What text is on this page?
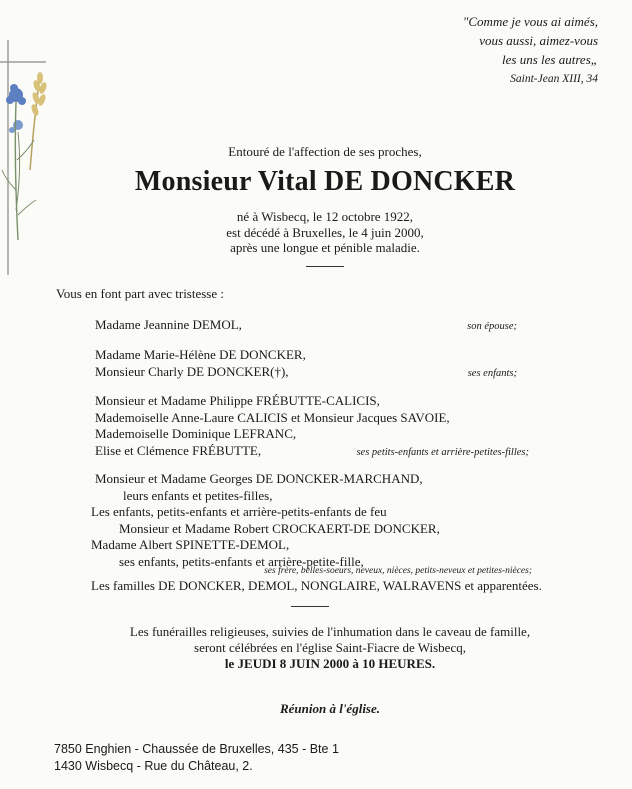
"Comme je vous ai aimés,
vous aussi, aimez-vous
les uns les autres„
Saint-Jean XIII, 34
Entouré de l'affection de ses proches,
Monsieur Vital DE DONCKER
né à Wisbecq, le 12 octobre 1922,
est décédé à Bruxelles, le 4 juin 2000,
après une longue et pénible maladie.
Vous en font part avec tristesse :
Madame Jeannine DEMOL,	son épouse;
Madame Marie-Hélène DE DONCKER,
Monsieur Charly DE DONCKER(†),	ses enfants;
Monsieur et Madame Philippe FRÉBUTTE-CALICIS,
Mademoiselle Anne-Laure CALICIS et Monsieur Jacques SAVOIE,
Mademoiselle Dominique LEFRANC,
Elise et Clémence FRÉBUTTE,	ses petits-enfants et arrière-petites-filles;
Monsieur et Madame Georges DE DONCKER-MARCHAND,
leurs enfants et petites-filles,
Les enfants, petits-enfants et arrière-petits-enfants de feu
Monsieur et Madame Robert CROCKAERT-DE DONCKER,
Madame Albert SPINETTE-DEMOL,
ses enfants, petits-enfants et arrière-petite-fille,
ses frère, belles-soeurs, neveux, nièces, petits-neveux et petites-nièces;
Les familles DE DONCKER, DEMOL, NONGLAIRE, WALRAVENS et apparentées.
Les funérailles religieuses, suivies de l'inhumation dans le caveau de famille,
seront célébrées en l'église Saint-Fiacre de Wisbecq,
le JEUDI 8 JUIN 2000 à 10 HEURES.
Réunion à l'église.
7850 Enghien - Chaussée de Bruxelles, 435 - Bte 1
1430 Wisbecq - Rue du Château, 2.
